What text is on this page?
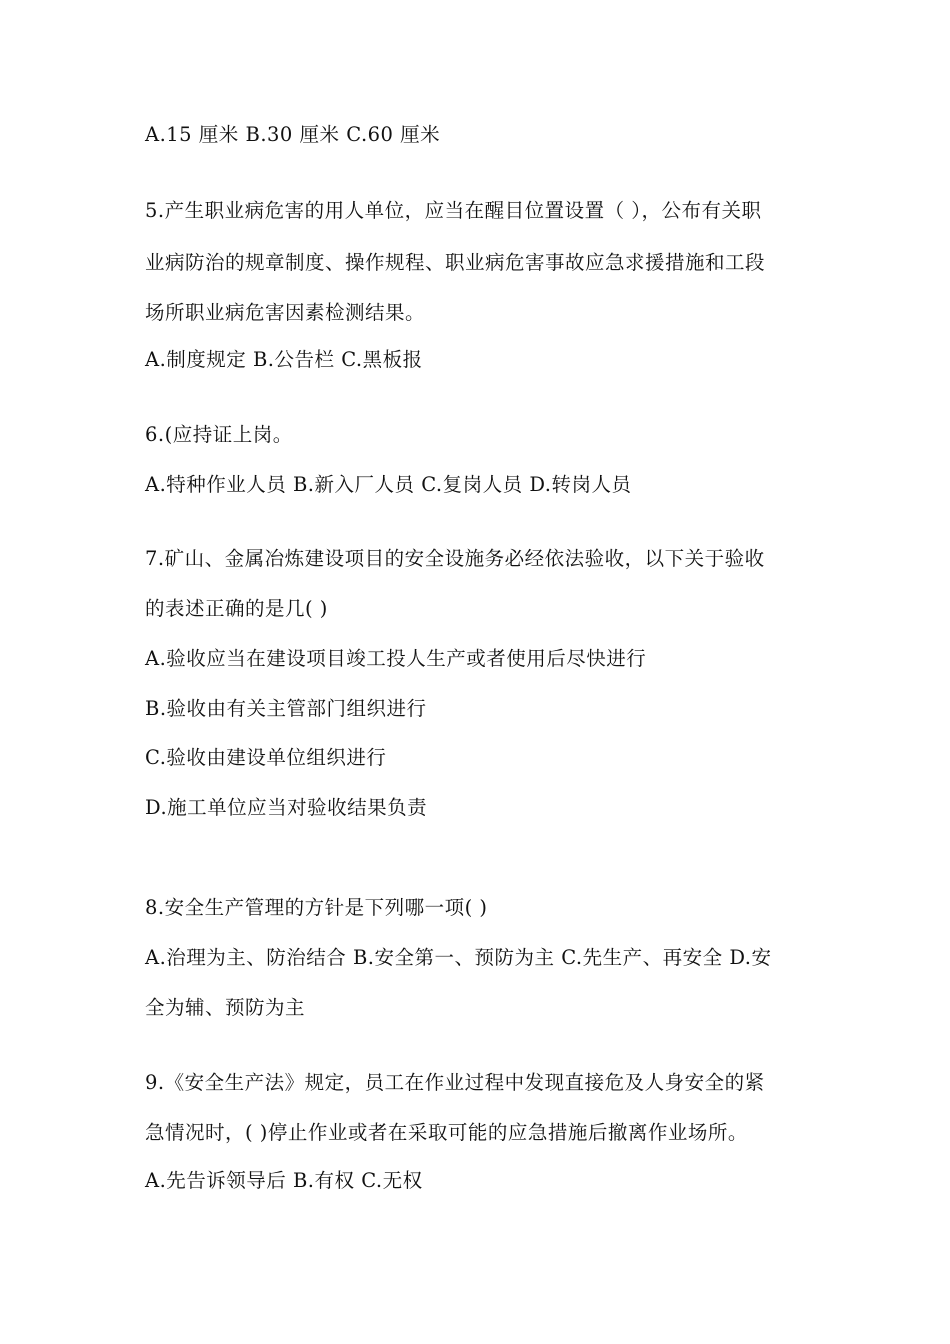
A.15 厘米 B.30 厘米 C.60 厘米
5.产生职业病危害的用人单位，应当在醒目位置设置（ ），公布有关职
业病防治的规章制度、操作规程、职业病危害事故应急求援措施和工段
场所职业病危害因素检测结果。
A.制度规定 B.公告栏 C.黑板报
6.(应持证上岗。
A.特种作业人员 B.新入厂人员 C.复岗人员 D.转岗人员
7.矿山、金属冶炼建设项目的安全设施务必经依法验收，以下关于验收
的表述正确的是几( )
A.验收应当在建设项目竣工投人生产或者使用后尽快进行
B.验收由有关主管部门组织进行
C.验收由建设单位组织进行
D.施工单位应当对验收结果负责
8.安全生产管理的方针是下列哪一项( )
A.治理为主、防治结合 B.安全第一、预防为主 C.先生产、再安全 D.安
全为辅、预防为主
9.《安全生产法》规定，员工在作业过程中发现直接危及人身安全的紧
急情况时，( )停止作业或者在采取可能的应急措施后撤离作业场所。
A.先告诉领导后 B.有权 C.无权
